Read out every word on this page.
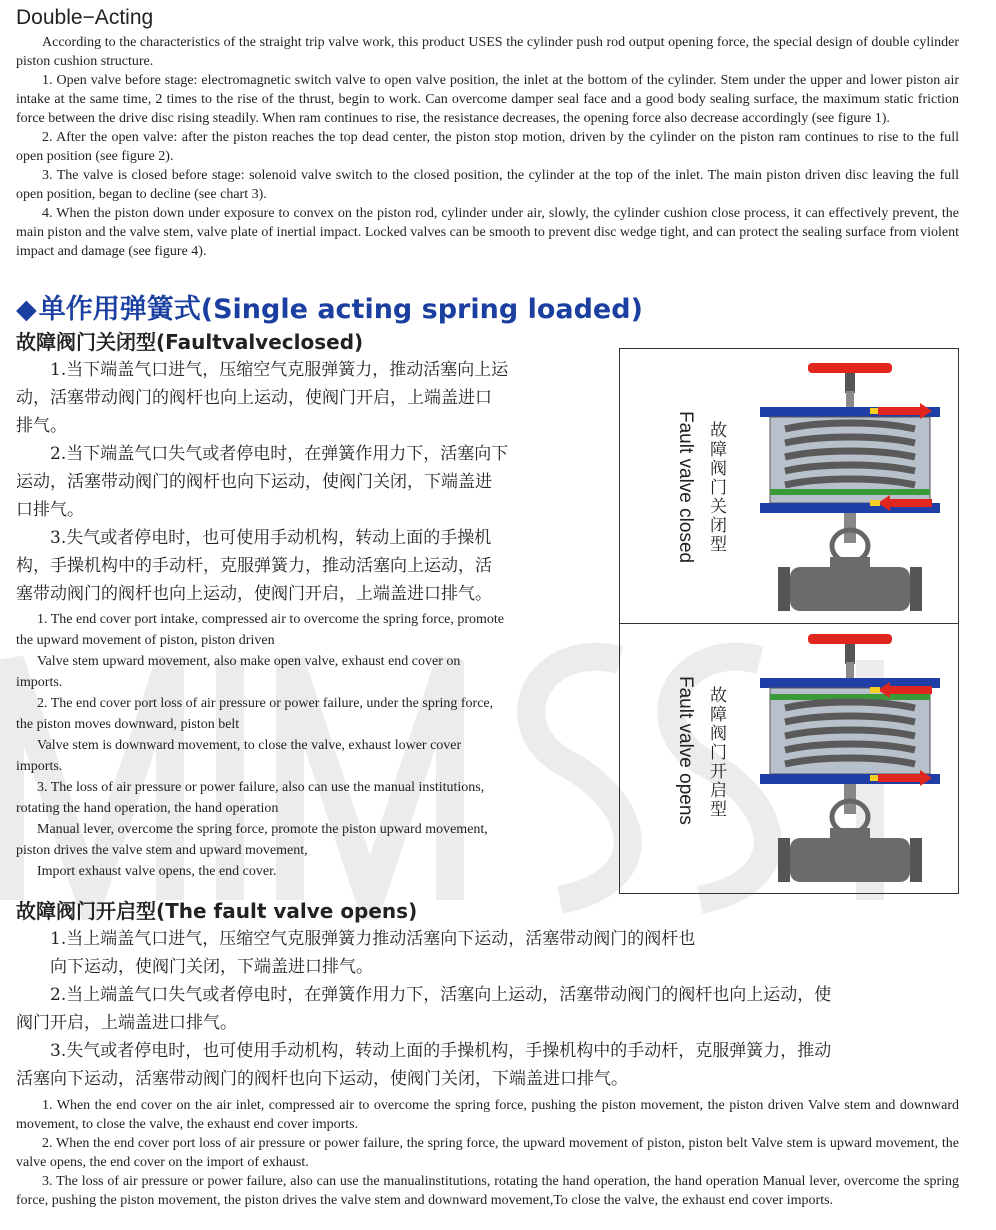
Double−Acting

According to the characteristics of the straight trip valve work, this product USES the cylinder push rod output opening force, the special design of double cylinder piston cushion structure.

1. Open valve before stage: electromagnetic switch valve to open valve position, the inlet at the bottom of the cylinder. Stem under the upper and lower piston air intake at the same time, 2 times to the rise of the thrust, begin to work. Can overcome damper seal face and a good body sealing surface, the maximum static friction force between the drive disc rising steadily. When ram continues to rise, the resistance decreases, the opening force also decrease accordingly (see figure 1).

2. After the open valve: after the piston reaches the top dead center, the piston stop motion, driven by the cylinder on the piston ram continues to rise to the full open position (see figure 2).

3. The valve is closed before stage: solenoid valve switch to the closed position, the cylinder at the top of the inlet. The main piston driven disc leaving the full open position, began to decline (see chart 3).

4. When the piston down under exposure to convex on the piston rod, cylinder under air, slowly, the cylinder cushion close process, it can effectively prevent, the main piston and the valve stem, valve plate of inertial impact. Locked valves can be smooth to prevent disc wedge tight, and can protect the sealing surface from violent impact and damage (see figure 4).

◆单作用弹簧式(Single acting spring loaded)
故障阀门关闭型(Faultvalveclosed)

　　1.当下端盖气口进气，压缩空气克服弹簧力，推动活塞向上运

动，活塞带动阀门的阀杆也向上运动，使阀门开启，上端盖进口

排气。

　　2.当下端盖气口失气或者停电时，在弹簧作用力下，活塞向下

运动，活塞带动阀门的阀杆也向下运动，使阀门关闭，下端盖进

口排气。

　　3.失气或者停电时，也可使用手动机构，转动上面的手操机

构，手操机构中的手动杆，克服弹簧力，推动活塞向上运动，活

塞带动阀门的阀杆也向上运动，使阀门开启，上端盖进口排气。

1. The end cover port intake, compressed air to overcome the spring force, promote

the upward movement of piston, piston driven

Valve stem upward movement, also make open valve, exhaust end cover on

imports.

2. The end cover port loss of air pressure or power failure, under the spring force,

the piston moves downward, piston belt

Valve stem is downward movement, to close the valve, exhaust lower cover

imports.

3. The loss of air pressure or power failure, also can use the manual institutions,

rotating the hand operation, the hand operation

Manual lever, overcome the spring force, promote the piston upward movement,

piston drives the valve stem and upward movement,

Import exhaust valve opens, the end cover.

Fault valve closed 故障阀门关闭型
Fault valve opens 故障阀门开启型
故障阀门开启型(The fault valve opens)

　　1.当上端盖气口进气，压缩空气克服弹簧力推动活塞向下运动，活塞带动阀门的阀杆也

　　向下运动，使阀门关闭，下端盖进口排气。

　　2.当上端盖气口失气或者停电时，在弹簧作用力下，活塞向上运动，活塞带动阀门的阀杆也向上运动，使

阀门开启，上端盖进口排气。

　　3.失气或者停电时，也可使用手动机构，转动上面的手操机构，手操机构中的手动杆，克服弹簧力，推动

活塞向下运动，活塞带动阀门的阀杆也向下运动，使阀门关闭，下端盖进口排气。

1. When the end cover on the air inlet, compressed air to overcome the spring force, pushing the piston movement, the piston driven Valve stem and downward movement, to close the valve, the exhaust end cover imports.

2. When the end cover port loss of air pressure or power failure, the spring force, the upward movement of piston, piston belt Valve stem is upward movement, the valve opens, the end cover on the import of exhaust.

3. The loss of air pressure or power failure, also can use the manualinstitutions, rotating the hand operation, the hand operation Manual lever, overcome the spring force, pushing the piston movement, the piston drives the valve stem and downward movement,To close the valve, the exhaust end cover imports.
